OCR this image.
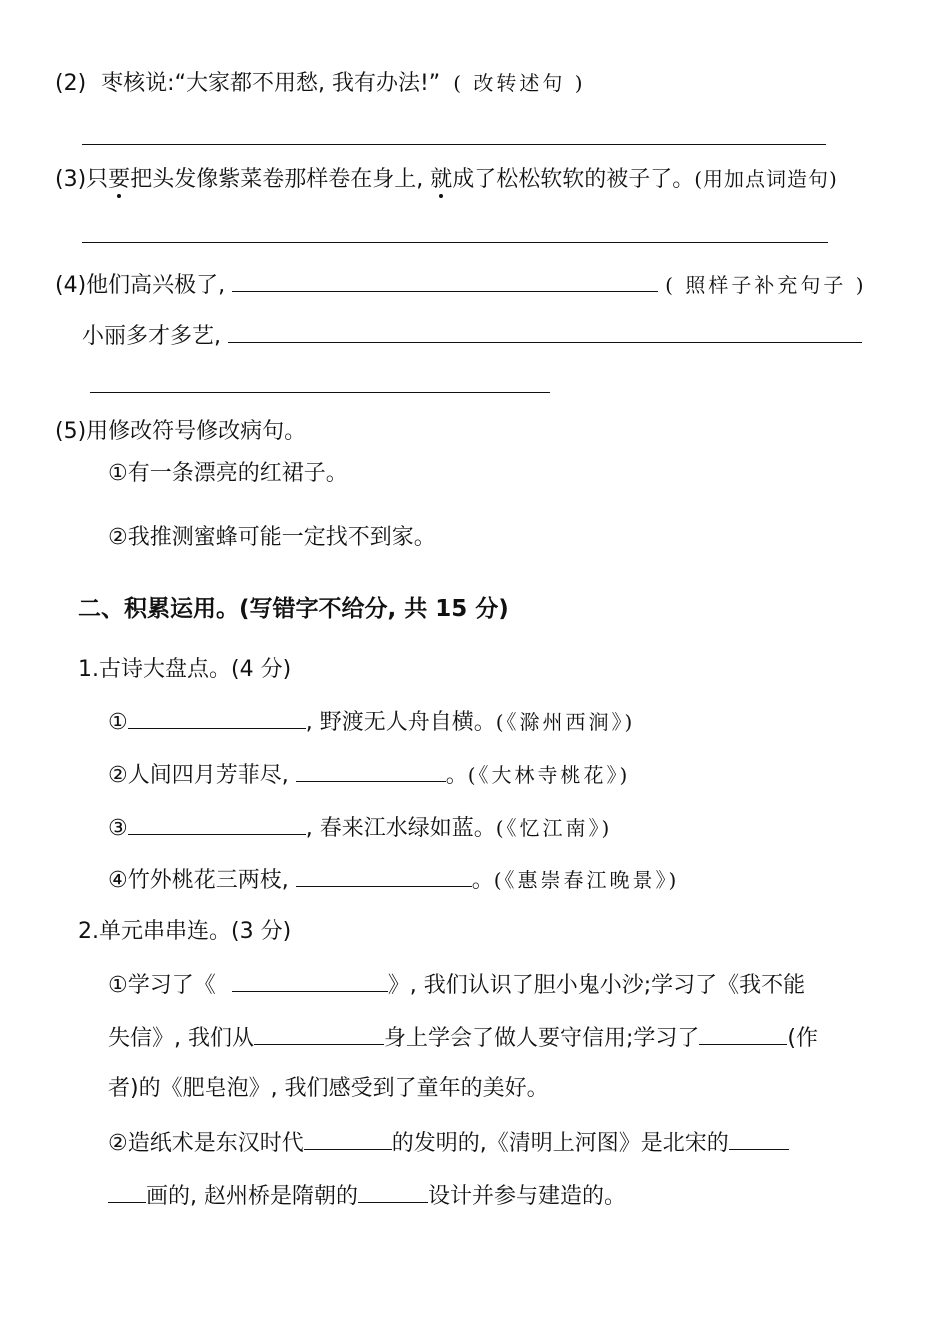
(2) 枣核说:“大家都不用愁, 我有办法!” ( 改转述句 )
(3)只要把头发像紫菜卷那样卷在身上, 就成了松松软软的被子了。(用加点词造句)
(4)他们高兴极了,	( 照样子补充句子 )
小丽多才多艺,
(5)用修改符号修改病句。
①有一条漂亮的红裙子。
②我推测蜜蜂可能一定找不到家。
二、积累运用。(写错字不给分, 共 15 分)
1.古诗大盘点。(4 分)
①	, 野渡无人舟自横。(《滁州西涧》)
②人间四月芳菲尽,	。(《大林寺桃花》)
③	, 春来江水绿如蓝。(《忆江南》)
④竹外桃花三两枝,	。(《惠崇春江晚景》)
2.单元串串连。(3 分)
①学习了《	》, 我们认识了胆小鬼小沙;学习了《我不能
失信》, 我们从	身上学会了做人要守信用;学习了	(作
者)的《肥皂泡》, 我们感受到了童年的美好。
②造纸术是东汉时代	的发明的,《清明上河图》是北宋的
画的, 赵州桥是隋朝的	设计并参与建造的。
